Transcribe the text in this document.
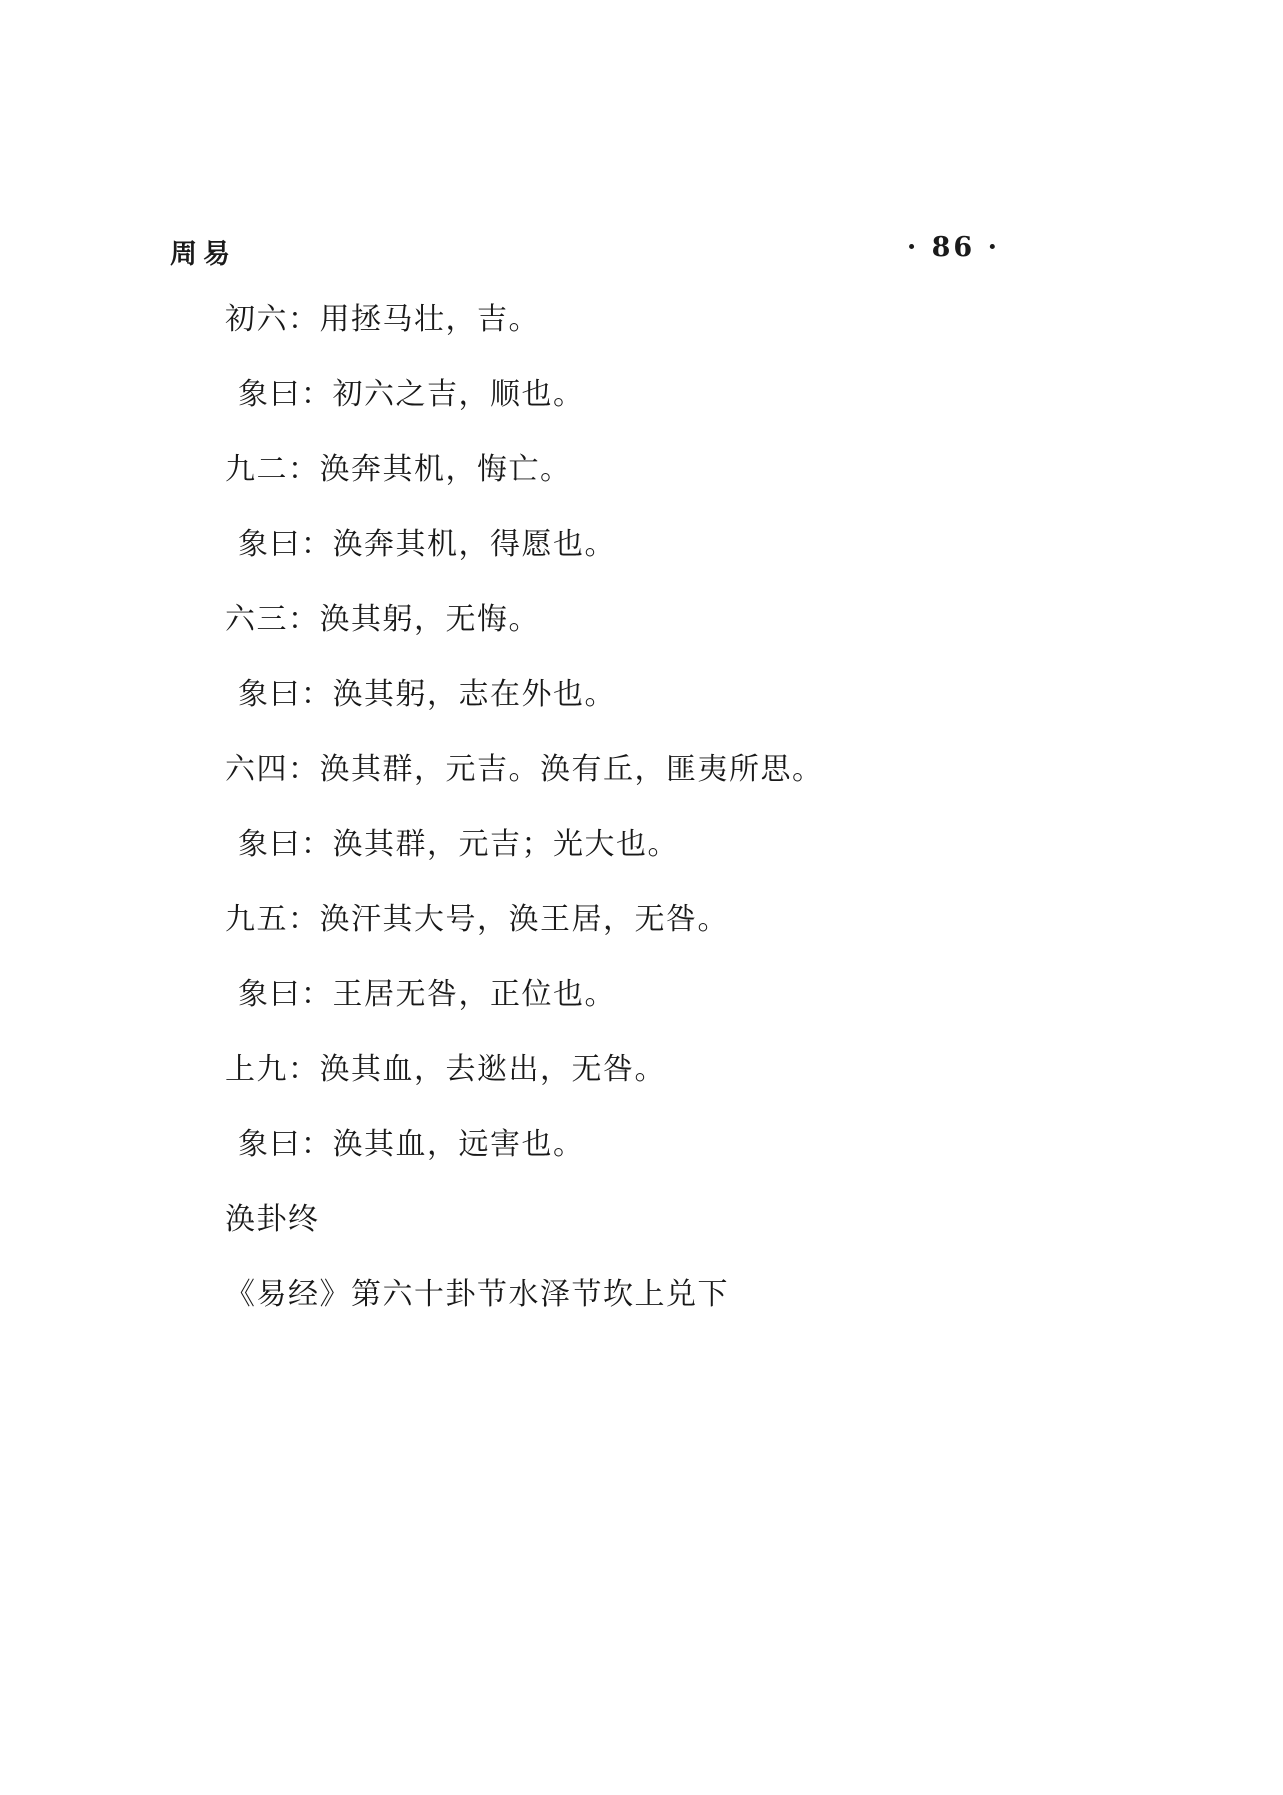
周易	· 86 ·

初六：用拯马壮，吉。

象曰：初六之吉，顺也。

九二：涣奔其机，悔亡。

象曰：涣奔其机，得愿也。

六三：涣其躬，无悔。

象曰：涣其躬，志在外也。

六四：涣其群，元吉。涣有丘，匪夷所思。

象曰：涣其群，元吉；光大也。

九五：涣汗其大号，涣王居，无咎。

象曰：王居无咎，正位也。

上九：涣其血，去逖出，无咎。

象曰：涣其血，远害也。

涣卦终

《易经》第六十卦节水泽节坎上兑下
